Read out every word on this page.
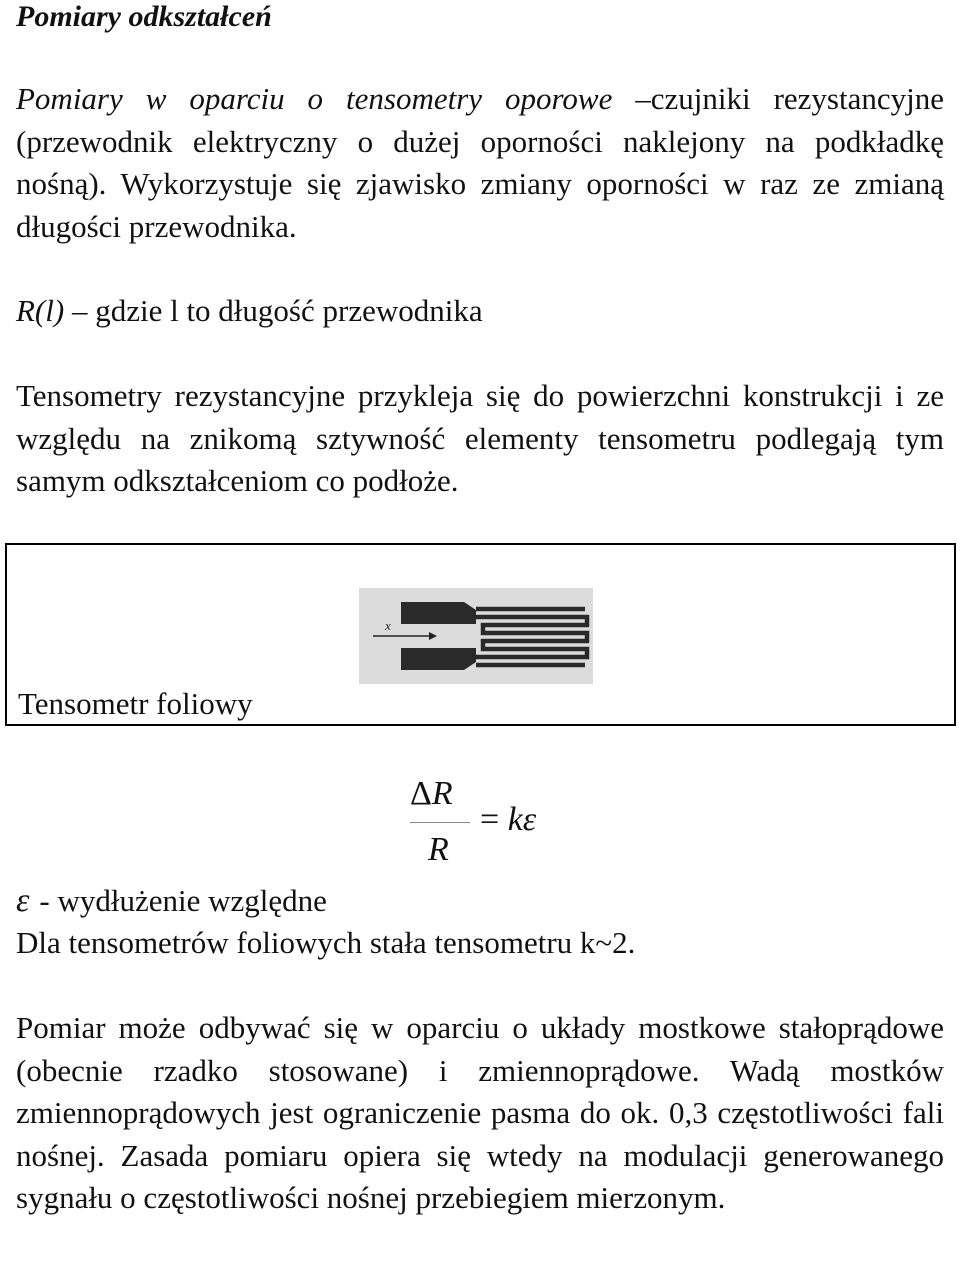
Pomiary odkształceń

Pomiary w oparciu o tensometry oporowe –czujniki rezystancyjne (przewodnik elektryczny o dużej oporności naklejony na podkładkę nośną). Wykorzystuje się zjawisko zmiany oporności w raz ze zmianą długości przewodnika.

R(l) – gdzie l to długość przewodnika

Tensometry rezystancyjne przykleja się do powierzchni konstrukcji i ze względu na znikomą sztywność elementy tensometru podlegają tym samym odkształceniom co podłoże.

x
Tensometr foliowy
ΔR
R
= kε

ε - wydłużenie względne

Dla tensometrów foliowych stała tensometru k~2.

Pomiar może odbywać się w oparciu o układy mostkowe stałoprądowe (obecnie rzadko stosowane) i zmiennoprądowe. Wadą mostków zmiennoprądowych jest ograniczenie pasma do ok. 0,3 częstotliwości fali nośnej. Zasada pomiaru opiera się wtedy na modulacji generowanego sygnału o częstotliwości nośnej przebiegiem mierzonym.
